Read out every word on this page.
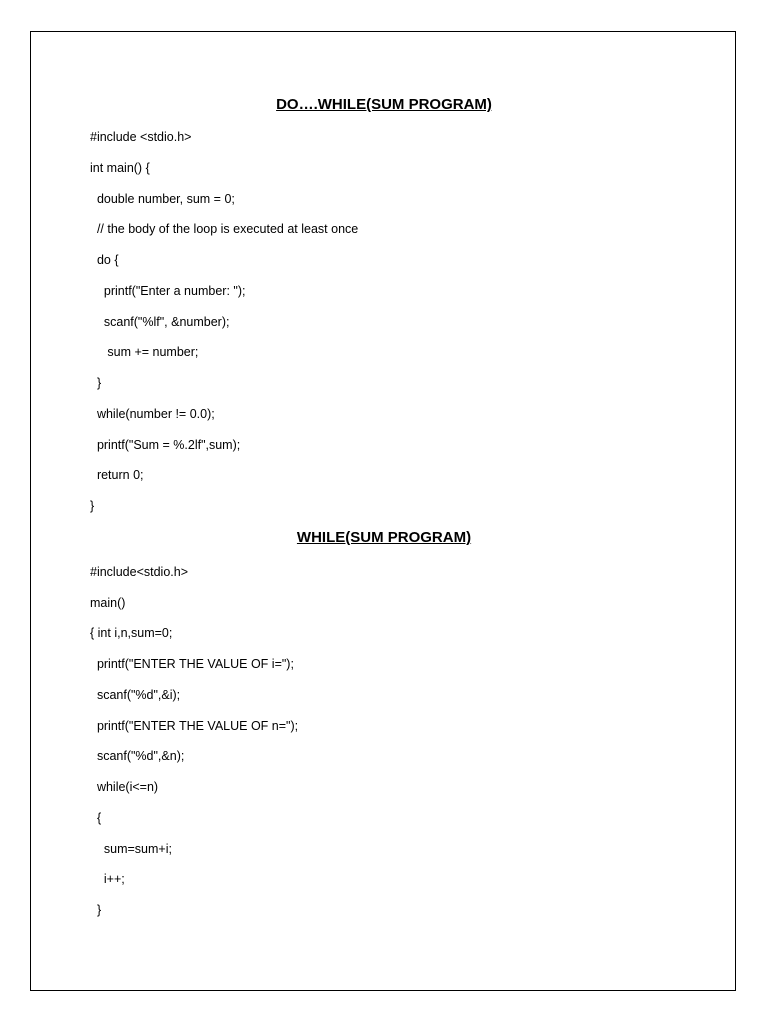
DO….WHILE(SUM PROGRAM)
#include <stdio.h>
int main() {
double number, sum = 0;
// the body of the loop is executed at least once
do {
printf("Enter a number: ");
scanf("%lf", &number);
sum += number;
}
while(number != 0.0);
printf("Sum = %.2lf",sum);
return 0;
}
WHILE(SUM PROGRAM)
#include<stdio.h>
main()
{ int i,n,sum=0;
printf("ENTER THE VALUE OF i=");
scanf("%d",&i);
printf("ENTER THE VALUE OF n=");
scanf("%d",&n);
while(i<=n)
{
sum=sum+i;
i++;
}
